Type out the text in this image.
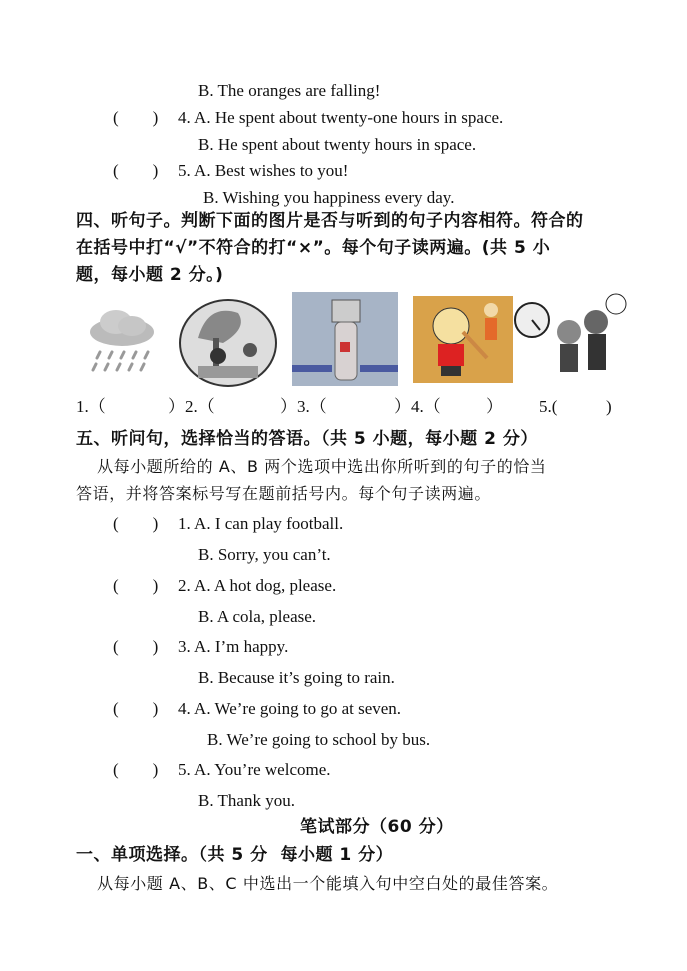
B. The oranges are falling!
(        ) 4. A. He spent about twenty-one hours in space.
B. He spent about twenty hours in space.
(        ) 5. A. Best wishes to you!
B. Wishing you happiness every day.
四、听句子。判断下面的图片是否与听到的句子内容相符。符合的
在括号中打“√”不符合的打“×”。每个句子读两遍。(共 5 小
题，每小题 2 分。)
1.（	）2.（	）3.（	）4.（	） 5.(	)
五、听问句，选择恰当的答语。（共 5 小题，每小题 2 分）
从每小题所给的 A、B 两个选项中选出你所听到的句子的恰当
答语，并将答案标号写在题前括号内。每个句子读两遍。
(        ) 1. A. I can play football.
B. Sorry, you can’t.
(        ) 2. A. A hot dog, please.
B. A cola, please.
(        ) 3. A. I’m happy.
B. Because it’s going to rain.
(        ) 4. A. We’re going to go at seven.
B. We’re going to school by bus.
(        ) 5. A. You’re welcome.
B. Thank you.
笔试部分（60 分）
一、单项选择。（共 5 分  每小题 1 分）
从每小题 A、B、C 中选出一个能填入句中空白处的最佳答案。
